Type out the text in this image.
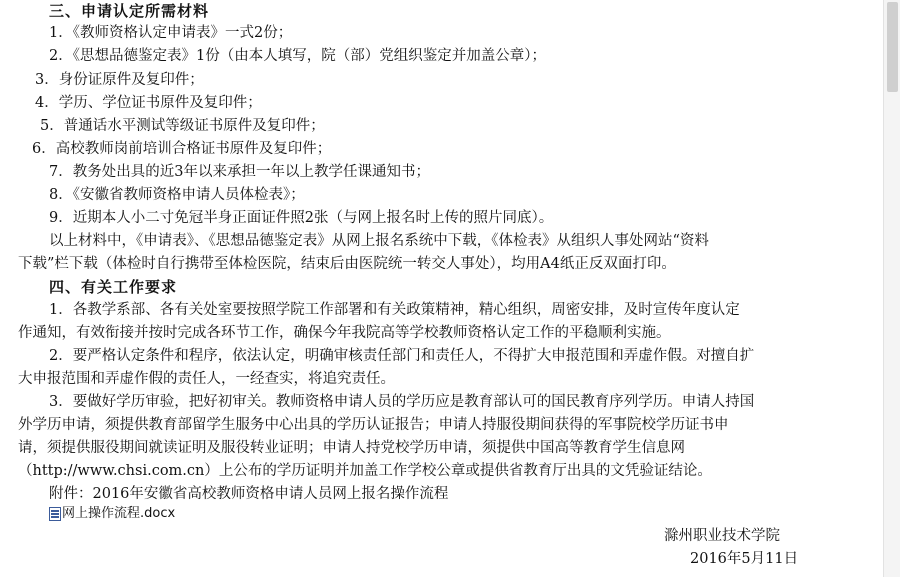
三、申请认定所需材料
1．《教师资格认定申请表》一式2份；
2．《思想品德鉴定表》1份（由本人填写，院（部）党组织鉴定并加盖公章）；
3．身份证原件及复印件；
4．学历、学位证书原件及复印件；
5．普通话水平测试等级证书原件及复印件；
6．高校教师岗前培训合格证书原件及复印件；
7．教务处出具的近3年以来承担一年以上教学任课通知书；
8．《安徽省教师资格申请人员体检表》；
9．近期本人小二寸免冠半身正面证件照2张（与网上报名时上传的照片同底）。
以上材料中，《申请表》、《思想品德鉴定表》从网上报名系统中下载，《体检表》从组织人事处网站“资料
下载”栏下载（体检时自行携带至体检医院，结束后由医院统一转交人事处），均用A4纸正反双面打印。
四、有关工作要求
1．各教学系部、各有关处室要按照学院工作部署和有关政策精神，精心组织，周密安排，及时宣传年度认定
作通知，有效衔接并按时完成各环节工作，确保今年我院高等学校教师资格认定工作的平稳顺利实施。
2．要严格认定条件和程序，依法认定，明确审核责任部门和责任人，不得扩大申报范围和弄虚作假。对擅自扩
大申报范围和弄虚作假的责任人，一经查实，将追究责任。
3．要做好学历审验，把好初审关。教师资格申请人员的学历应是教育部认可的国民教育序列学历。申请人持国
外学历申请，须提供教育部留学生服务中心出具的学历认证报告；申请人持服役期间获得的军事院校学历证书申
请，须提供服役期间就读证明及服役转业证明；申请人持党校学历申请，须提供中国高等教育学生信息网
（http://www.chsi.com.cn）上公布的学历证明并加盖工作学校公章或提供省教育厅出具的文凭验证结论。
附件：2016年安徽省高校教师资格申请人员网上报名操作流程
网上操作流程.docx
滁州职业技术学院
2016年5月11日
